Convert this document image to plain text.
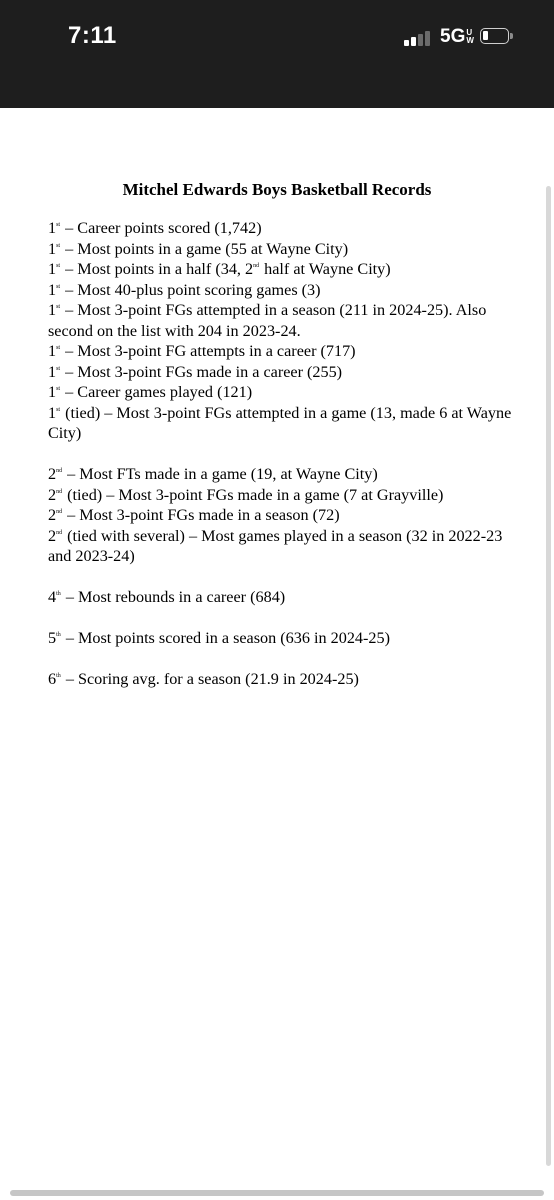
7:11	5G U
W
Mitchel Edwards Boys Basketball Records
1st – Career points scored (1,742)
1st – Most points in a game (55 at Wayne City)
1st – Most points in a half (34, 2nd half at Wayne City)
1st – Most 40-plus point scoring games (3)
1st – Most 3-point FGs attempted in a season (211 in 2024-25). Also second on the list with 204 in 2023-24.
1st – Most 3-point FG attempts in a career (717)
1st – Most 3-point FGs made in a career (255)
1st – Career games played (121)
1st (tied) – Most 3-point FGs attempted in a game (13, made 6 at Wayne City)
2nd – Most FTs made in a game (19, at Wayne City)
2nd (tied) – Most 3-point FGs made in a game (7 at Grayville)
2nd – Most 3-point FGs made in a season (72)
2nd (tied with several) – Most games played in a season (32 in 2022-23 and 2023-24)
4th – Most rebounds in a career (684)
5th – Most points scored in a season (636 in 2024-25)
6th – Scoring avg. for a season (21.9 in 2024-25)
